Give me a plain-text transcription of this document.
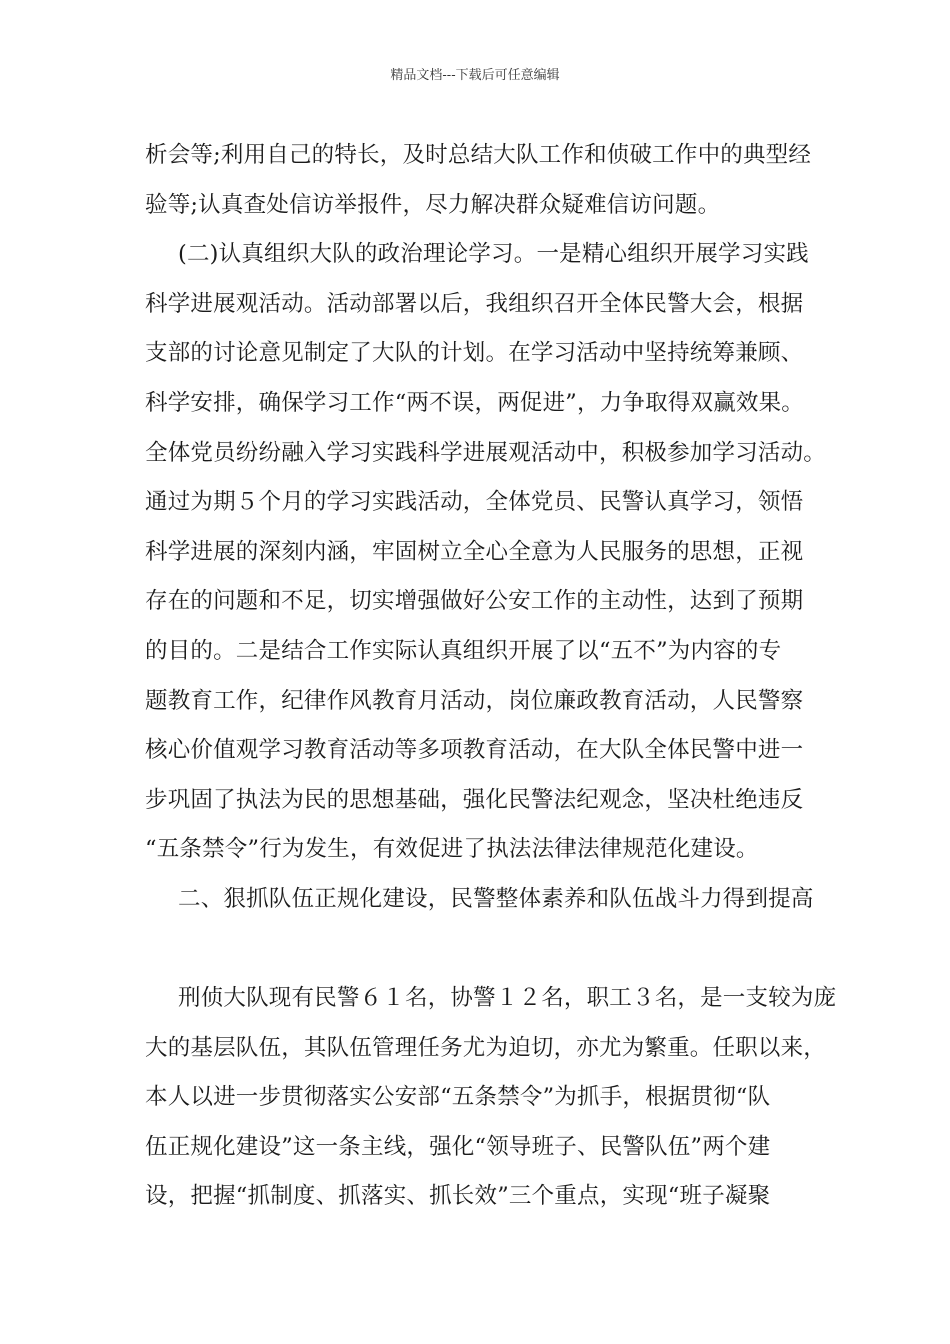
精品文档---下载后可任意编辑
析会等;利用自己的特长，及时总结大队工作和侦破工作中的典型经
验等;认真查处信访举报件，尽力解决群众疑难信访问题。
(二)认真组织大队的政治理论学习。一是精心组织开展学习实践
科学进展观活动。活动部署以后，我组织召开全体民警大会，根据
支部的讨论意见制定了大队的计划。在学习活动中坚持统筹兼顾、
科学安排，确保学习工作“两不误，两促进”，力争取得双赢效果。
全体党员纷纷融入学习实践科学进展观活动中，积极参加学习活动。
通过为期５个月的学习实践活动，全体党员、民警认真学习，领悟
科学进展的深刻内涵，牢固树立全心全意为人民服务的思想，正视
存在的问题和不足，切实增强做好公安工作的主动性，达到了预期
的目的。二是结合工作实际认真组织开展了以“五不”为内容的专
题教育工作，纪律作风教育月活动，岗位廉政教育活动，人民警察
核心价值观学习教育活动等多项教育活动，在大队全体民警中进一
步巩固了执法为民的思想基础，强化民警法纪观念，坚决杜绝违反
“五条禁令”行为发生，有效促进了执法法律法律规范化建设。
二、狠抓队伍正规化建设，民警整体素养和队伍战斗力得到提高
刑侦大队现有民警６１名，协警１２名，职工３名，是一支较为庞
大的基层队伍，其队伍管理任务尤为迫切，亦尤为繁重。任职以来，
本人以进一步贯彻落实公安部“五条禁令”为抓手，根据贯彻“队
伍正规化建设”这一条主线，强化“领导班子、民警队伍”两个建
设，把握“抓制度、抓落实、抓长效”三个重点，实现“班子凝聚
